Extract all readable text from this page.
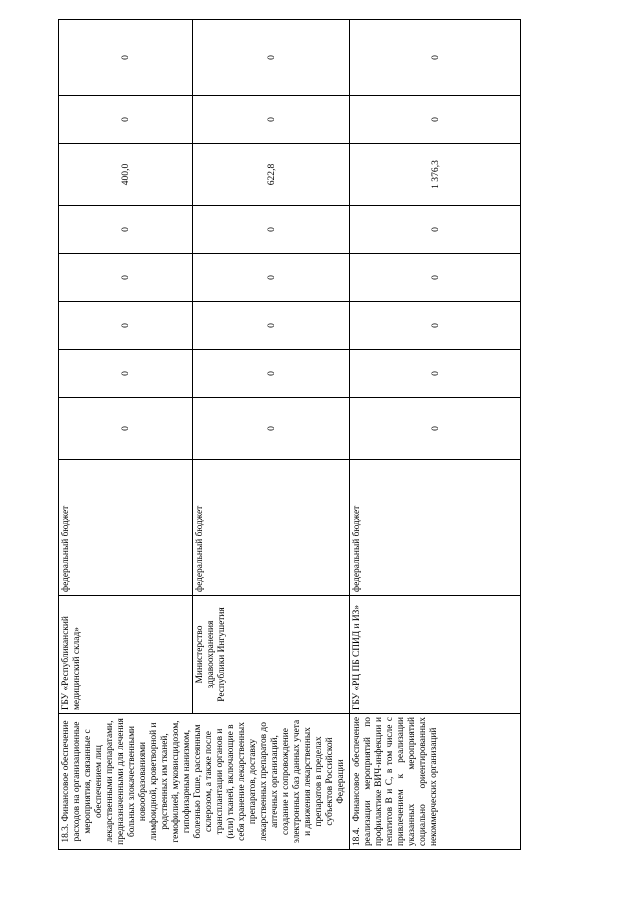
18.3. Финансовое обеспечение расходов на организационные мероприятия, связанные с обеспечением лиц лекарственными препаратами, предназначенными для лечения больных злокачественными новообразованиями лимфоидной, кроветворной и родственных им тканей, гемофилией, муковисцидозом, гипофизарным нанизмом, болезнью Гоше, рассеянным склерозом, а также после трансплантации органов и (или) тканей, включающие в себя хранение лекарственных препаратов, доставку лекарственных препаратов до аптечных организаций, создание и сопровождение электронных баз данных учета и движения лекарственных препаратов в пределах субъектов Российской Федерации	ГБУ «Республиканский медицинский склад»	федеральный бюджет	0	0	0	0	0	400,0	0	0
	Министерство здравоохранения Республики Ингушетия	федеральный бюджет	0	0	0	0	0	622,8	0	0

18.4. Финансовое обеспечение реализации мероприятий по профилактике ВИЧ-инфекции и гепатитов B и C, в том числе с привлечением к реализации указанных мероприятий социально ориентированных некоммерческих организаций	ГБУ «РЦ ПБ СПИД и ИЗ»	федеральный бюджет	0	0	0	0	0	1 376,3	0	0
